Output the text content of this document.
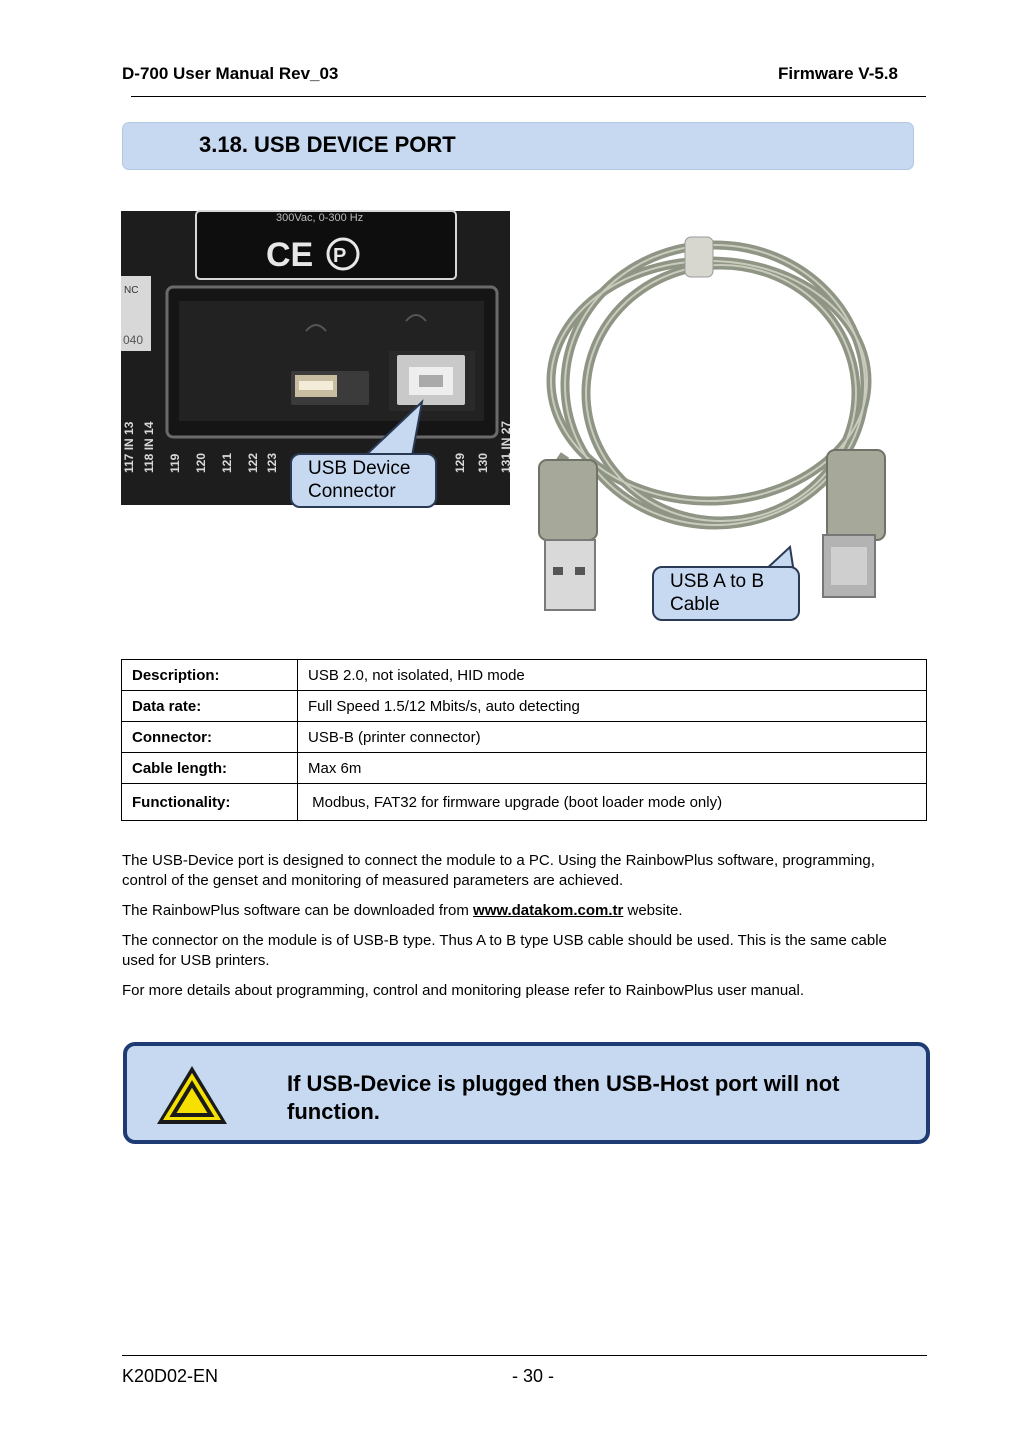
D-700 User Manual Rev_03	Firmware V-5.8
3.18. USB DEVICE PORT
300Vac, 0-300 Hz
CE P
NC
040
117 IN 13 118 IN 14 119 120 121 122 123	129 130 131 IN 27
USB Device
Connector
USB A to B
Cable
Description:	USB 2.0, not isolated, HID mode
Data rate:	Full Speed 1.5/12 Mbits/s, auto detecting
Connector:	USB-B (printer connector)
Cable length:	Max 6m
Functionality:	Modbus, FAT32 for firmware upgrade (boot loader mode only)

The USB-Device port is designed to connect the module to a PC. Using the RainbowPlus software, programming, control of the genset and monitoring of measured parameters are achieved.

The RainbowPlus software can be downloaded from www.datakom.com.tr website.

The connector on the module is of USB-B type. Thus A to B type USB cable should be used. This is the same cable used for USB printers.

For more details about programming, control and monitoring please refer to RainbowPlus user manual.

If USB-Device is plugged then USB-Host port will not function.
K20D02-EN	- 30 -
